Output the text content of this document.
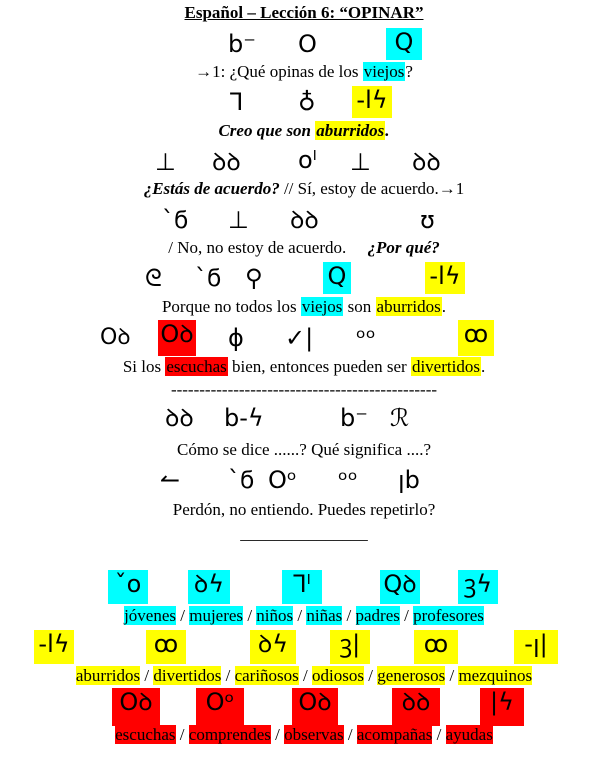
Español – Lección 6: “OPINAR”
b⁻ O	Q
→1: ¿Qué opinas de los viejos?
⅂ ♁ -lϟ
Creo que son aburridos.
⊥ ꝺꝺ oˡ ⊥ ꝺꝺ
¿Estás de acuerdo? // Sí, estoy de acuerdo.→1
ˋϭ ⊥ ꝺꝺ	ʊ
/ No, no estoy de acuerdo. ¿Por qué?
ᘓ ˋϭ ⚲	Q	-lϟ
Porque no todos los viejos son aburridos.
Oꝺ Oꝺ ɸ ✓| ᵒᵒ	ꝏ
Si los escuchas bien, entonces pueden ser divertidos.
-----------------------------------------------
ꝺꝺ b-ϟ	b⁻ ℛ
Cómo se dice ......? Qué significa ....?
↼ ˋϭ Oᵒ ᵒᵒ ꞁb
Perdón, no entiendo. Puedes repetirlo?
_______________
ˇo ꝺϟ	⅂ˡ	Qꝺ ꝫϟ
jóvenes / mujeres / niños / niñas / padres / profesores
-lϟ	ꝏ	ꝺϟ	ꝫ|	ꝏ	-ꞁ|
aburridos / divertidos / cariñosos / odiosos / generosos / mezquinos
Oꝺ	Oᵒ	Oꝺ	ꝺꝺ	|ϟ
escuchas / comprendes / observas / acompañas / ayudas
